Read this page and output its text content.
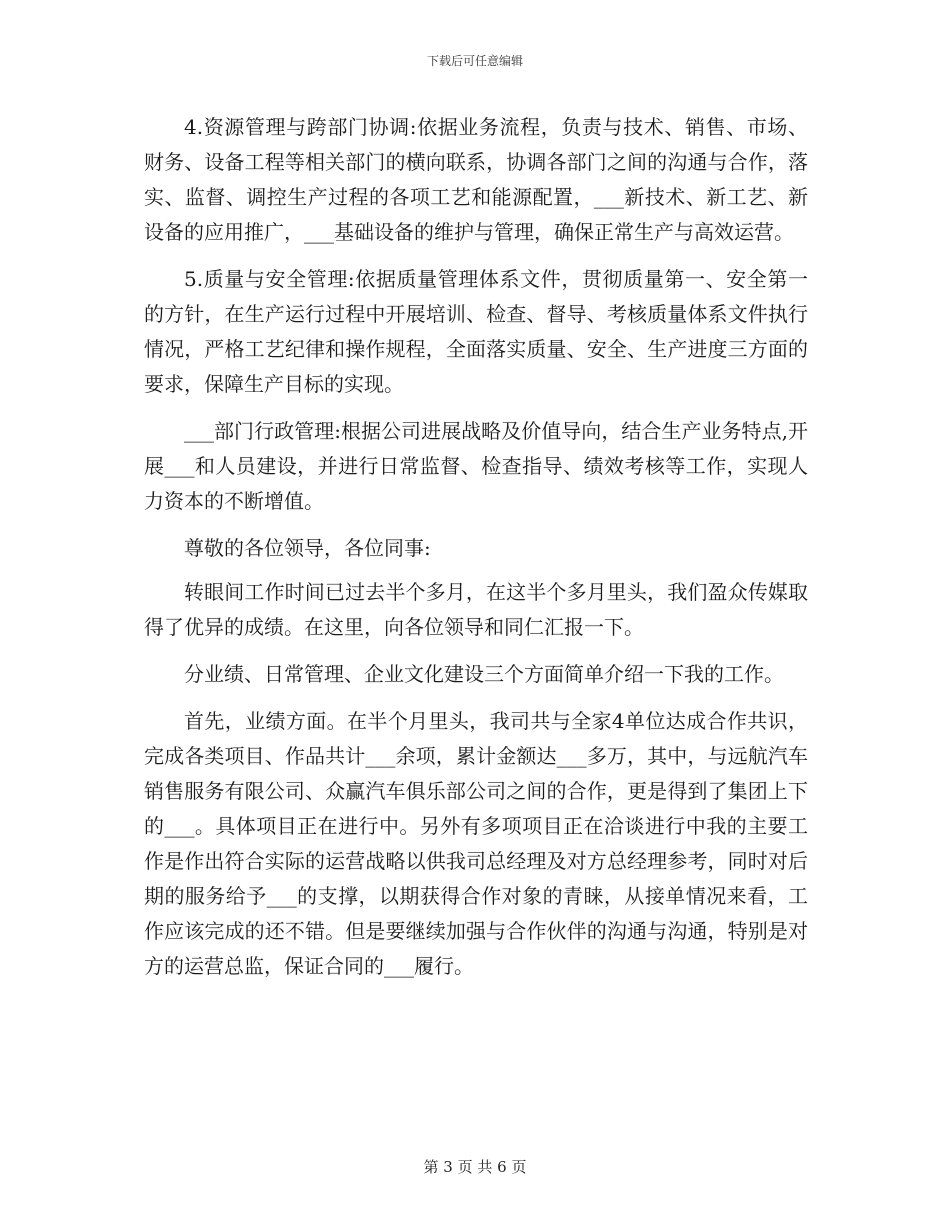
下载后可任意编辑

4.资源管理与跨部门协调:依据业务流程，负责与技术、销售、市场、财务、设备工程等相关部门的横向联系，协调各部门之间的沟通与合作，落实、监督、调控生产过程的各项工艺和能源配置，___新技术、新工艺、新设备的应用推广，___基础设备的维护与管理，确保正常生产与高效运营。

5.质量与安全管理:依据质量管理体系文件，贯彻质量第一、安全第一的方针，在生产运行过程中开展培训、检查、督导、考核质量体系文件执行情况，严格工艺纪律和操作规程，全面落实质量、安全、生产进度三方面的要求，保障生产目标的实现。

___部门行政管理:根据公司进展战略及价值导向，结合生产业务特点,开展___和人员建设，并进行日常监督、检查指导、绩效考核等工作，实现人力资本的不断增值。

尊敬的各位领导，各位同事:

转眼间工作时间已过去半个多月，在这半个多月里头，我们盈众传媒取得了优异的成绩。在这里，向各位领导和同仁汇报一下。

分业绩、日常管理、企业文化建设三个方面简单介绍一下我的工作。

首先，业绩方面。在半个月里头，我司共与全家4单位达成合作共识，完成各类项目、作品共计___余项，累计金额达___多万，其中，与远航汽车销售服务有限公司、众赢汽车俱乐部公司之间的合作，更是得到了集团上下的___。具体项目正在进行中。另外有多项项目正在洽谈进行中我的主要工作是作出符合实际的运营战略以供我司总经理及对方总经理参考，同时对后期的服务给予___的支撑，以期获得合作对象的青睐，从接单情况来看，工作应该完成的还不错。但是要继续加强与合作伙伴的沟通与沟通，特别是对方的运营总监，保证合同的___履行。

第 3 页 共 6 页
